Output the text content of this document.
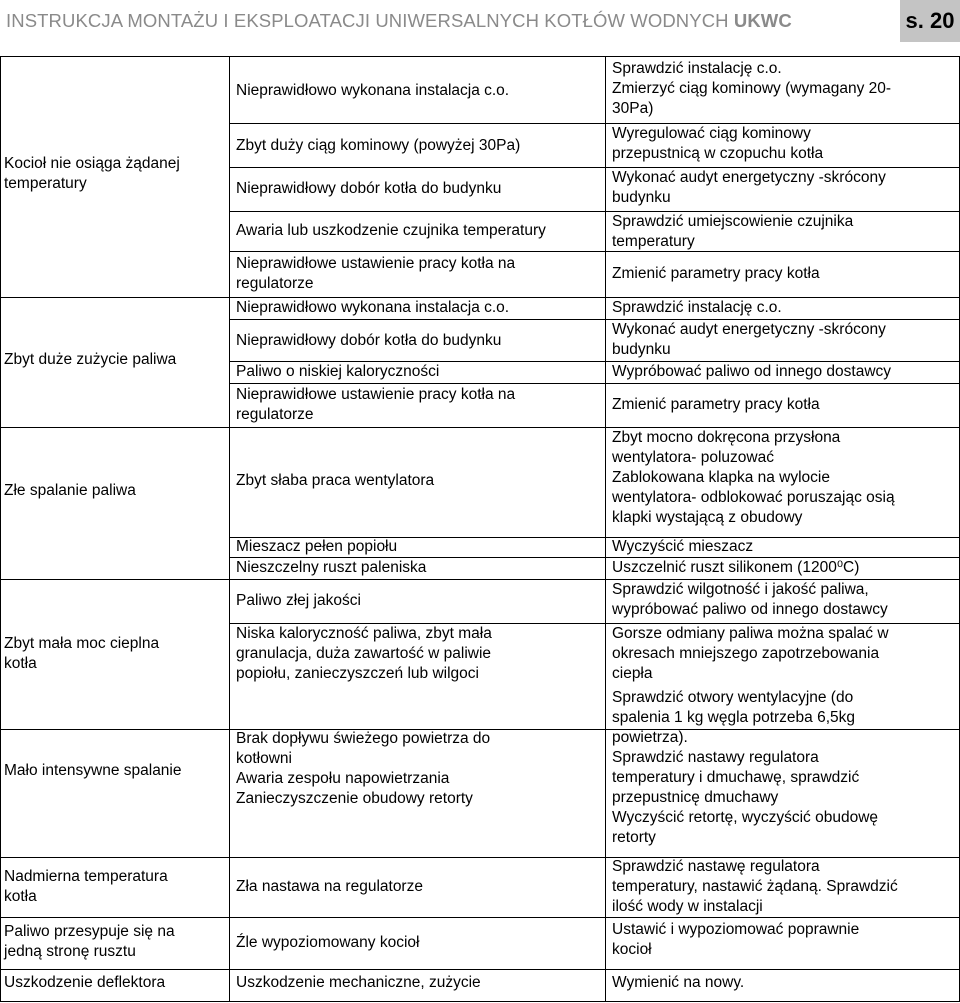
INSTRUKCJA MONTAŻU I EKSPLOATACJI UNIWERSALNYCH KOTŁÓW WODNYCH UKWC	s. 20
Kocioł nie osiąga żądanej temperatury
Zbyt duże zużycie paliwa
Złe spalanie paliwa
Zbyt mała moc cieplna
kotła
Mało intensywne spalanie
Nadmierna temperatura
kotła
Paliwo przesypuje się na
jedną stronę rusztu
Uszkodzenie deflektora
Nieprawidłowo wykonana instalacja c.o.
Zbyt duży ciąg kominowy (powyżej 30Pa)
Nieprawidłowy dobór kotła do budynku
Awaria lub uszkodzenie czujnika temperatury
Nieprawidłowe ustawienie pracy kotła na
regulatorze
Nieprawidłowo wykonana instalacja c.o.
Nieprawidłowy dobór kotła do budynku
Paliwo o niskiej kaloryczności
Nieprawidłowe ustawienie pracy kotła na
regulatorze
Zbyt słaba praca wentylatora
Mieszacz pełen popiołu
Nieszczelny ruszt paleniska
Paliwo złej jakości
Niska kaloryczność paliwa, zbyt mała
granulacja, duża zawartość w paliwie
popiołu, zanieczyszczeń lub wilgoci
Brak dopływu świeżego powietrza do
kotłowni
Awaria zespołu napowietrzania
Zanieczyszczenie obudowy retorty
Zła nastawa na regulatorze
Źle wypoziomowany kocioł
Uszkodzenie mechaniczne, zużycie
Sprawdzić instalację c.o.
Zmierzyć ciąg kominowy (wymagany 20-
30Pa)
Wyregulować ciąg kominowy
przepustnicą w czopuchu kotła
Wykonać audyt energetyczny -skrócony
budynku
Sprawdzić umiejscowienie czujnika
temperatury
Zmienić parametry pracy kotła
Sprawdzić instalację c.o.
Wykonać audyt energetyczny -skrócony
budynku
Wypróbować paliwo od innego dostawcy
Zmienić parametry pracy kotła
Zbyt mocno dokręcona przysłona
wentylatora- poluzować
Zablokowana klapka na wylocie
wentylatora- odblokować poruszając osią
klapki wystającą z obudowy
Wyczyścić mieszacz
Uszczelnić ruszt silikonem (1200⁰C)
Sprawdzić wilgotność i jakość paliwa,
wypróbować paliwo od innego dostawcy
Gorsze odmiany paliwa można spalać w
okresach mniejszego zapotrzebowania
ciepła
Sprawdzić otwory wentylacyjne (do
spalenia 1 kg węgla potrzeba 6,5kg
powietrza).
Sprawdzić nastawy regulatora
temperatury i dmuchawę, sprawdzić
przepustnicę dmuchawy
Wyczyścić retortę, wyczyścić obudowę
retorty
Sprawdzić nastawę regulatora
temperatury, nastawić żądaną. Sprawdzić
ilość wody w instalacji
Ustawić i wypoziomować poprawnie
kocioł
Wymienić na nowy.
